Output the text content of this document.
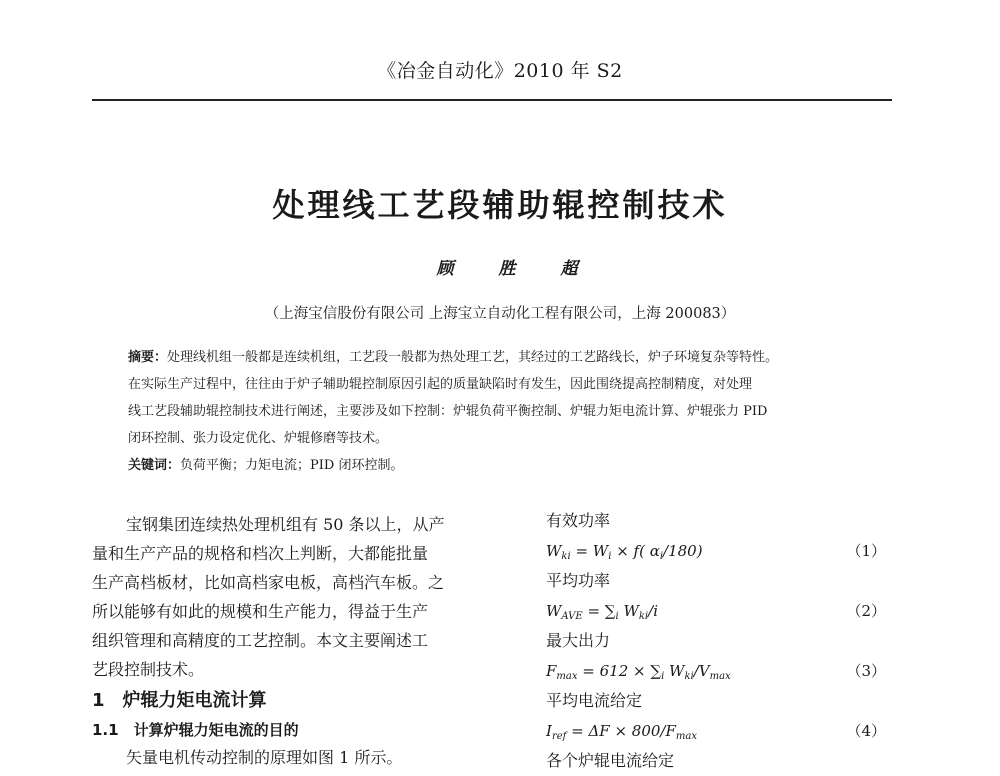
《冶金自动化》2010 年 S2
处理线工艺段辅助辊控制技术
顾　胜　超
（上海宝信股份有限公司 上海宝立自动化工程有限公司，上海 200083）
摘要：处理线机组一般都是连续机组，工艺段一般都为热处理工艺，其经过的工艺路线长，炉子环境复杂等特性。
在实际生产过程中，往往由于炉子辅助辊控制原因引起的质量缺陷时有发生，因此围绕提高控制精度，对处理
线工艺段辅助辊控制技术进行阐述，主要涉及如下控制：炉辊负荷平衡控制、炉辊力矩电流计算、炉辊张力 PID
闭环控制、张力设定优化、炉辊修磨等技术。
关键词：负荷平衡；力矩电流；PID 闭环控制。
宝钢集团连续热处理机组有 50 条以上，从产
量和生产产品的规格和档次上判断，大都能批量
生产高档板材，比如高档家电板，高档汽车板。之
所以能够有如此的规模和生产能力，得益于生产
组织管理和高精度的工艺控制。本文主要阐述工
艺段控制技术。
1　炉辊力矩电流计算
1.1　计算炉辊力矩电流的目的
矢量电机传动控制的原理如图 1 所示。
有效功率
$W_{ki} = W_i \times f$( $\alpha_i/180$)	（1）
平均功率
$W_{AVE} = \sum_i$ $W_{ki}/i$	（2）
最大出力
$F_{max} = 612 \times \sum_i$ $W_{ki}/V_{max}$	（3）
平均电流给定
$I_{ref} = \Delta F \times 800/F_{max}$	（4）
各个炉辊电流给定
